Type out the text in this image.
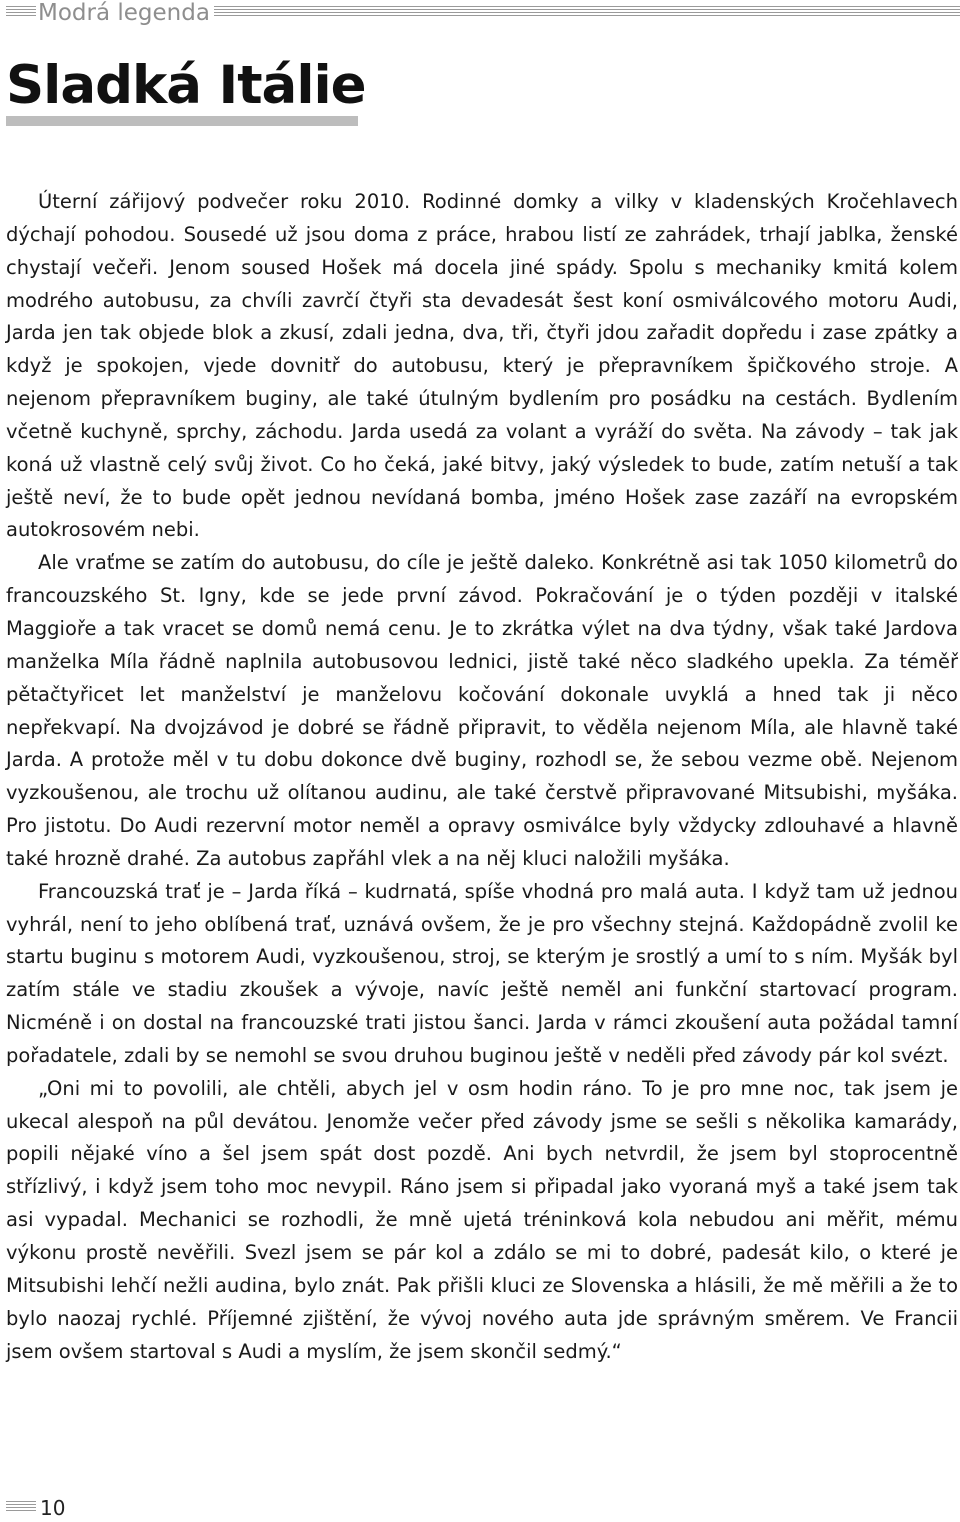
Modrá legenda
Sladká Itálie

Úterní zářijový podvečer roku 2010. Rodinné domky a vilky v kladenských Kročehlavech dýchají pohodou. Sousedé už jsou doma z práce, hrabou listí ze zahrádek, trhají jablka, ženské chystají večeři. Jenom soused Hošek má docela jiné spády. Spolu s mechaniky kmitá kolem modrého autobusu, za chvíli zavrčí čtyři sta devadesát šest koní osmiválcového motoru Audi, Jarda jen tak objede blok a zkusí, zdali jedna, dva, tři, čtyři jdou zařadit dopředu i zase zpátky a když je spokojen, vjede dovnitř do autobusu, který je přepravníkem špičkového stroje. A nejenom přepravníkem buginy, ale také útulným bydlením pro posádku na cestách. Bydlením včetně kuchyně, sprchy, záchodu. Jarda usedá za volant a vyráží do světa. Na závody – tak jak koná už vlastně celý svůj život. Co ho čeká, jaké bitvy, jaký výsledek to bude, zatím netuší a tak ještě neví, že to bude opět jednou nevídaná bomba, jméno Hošek zase zazáří na evropském autokrosovém nebi.

Ale vraťme se zatím do autobusu, do cíle je ještě daleko. Konkrétně asi tak 1050 kilometrů do francouzského St. Igny, kde se jede první závod. Pokračování je o týden později v italské Maggioře a tak vracet se domů nemá cenu. Je to zkrátka výlet na dva týdny, však také Jardova manželka Míla řádně naplnila autobusovou lednici, jistě také něco sladkého upekla. Za téměř pětačtyřicet let manželství je manželovu kočování dokonale uvyklá a hned tak ji něco nepřekvapí. Na dvojzávod je dobré se řádně připravit, to věděla nejenom Míla, ale hlavně také Jarda. A protože měl v tu dobu dokonce dvě buginy, rozhodl se, že sebou vezme obě. Nejenom vyzkoušenou, ale trochu už olítanou audinu, ale také čerstvě připravované Mitsubishi, myšáka. Pro jistotu. Do Audi rezervní motor neměl a opravy osmiválce byly vždycky zdlouhavé a hlavně také hrozně drahé. Za autobus zapřáhl vlek a na něj kluci naložili myšáka.

Francouzská trať je – Jarda říká – kudrnatá, spíše vhodná pro malá auta. I když tam už jednou vyhrál, není to jeho oblíbená trať, uznává ovšem, že je pro všechny stejná. Každopádně zvolil ke startu buginu s motorem Audi, vyzkoušenou, stroj, se kterým je srostlý a umí to s ním. Myšák byl zatím stále ve stadiu zkoušek a vývoje, navíc ještě neměl ani funkční startovací program. Nicméně i on dostal na francouzské trati jistou šanci. Jarda v rámci zkoušení auta požádal tamní pořadatele, zdali by se nemohl se svou druhou buginou ještě v neděli před závody pár kol svézt.

„Oni mi to povolili, ale chtěli, abych jel v osm hodin ráno. To je pro mne noc, tak jsem je ukecal alespoň na půl devátou. Jenomže večer před závody jsme se sešli s několika kamarády, popili nějaké víno a šel jsem spát dost pozdě. Ani bych netvrdil, že jsem byl stoprocentně střízlivý, i když jsem toho moc nevypil. Ráno jsem si připadal jako vyoraná myš a také jsem tak asi vypadal. Mechanici se rozhodli, že mně ujetá tréninková kola nebudou ani měřit, mému výkonu prostě nevěřili. Svezl jsem se pár kol a zdálo se mi to dobré, padesát kilo, o které je Mitsubishi lehčí nežli audina, bylo znát. Pak přišli kluci ze Slovenska a hlásili, že mě měřili a že to bylo naozaj rychlé. Příjemné zjištění, že vývoj nového auta jde správným směrem. Ve Francii jsem ovšem startoval s Audi a myslím, že jsem skončil sedmý.“

10
